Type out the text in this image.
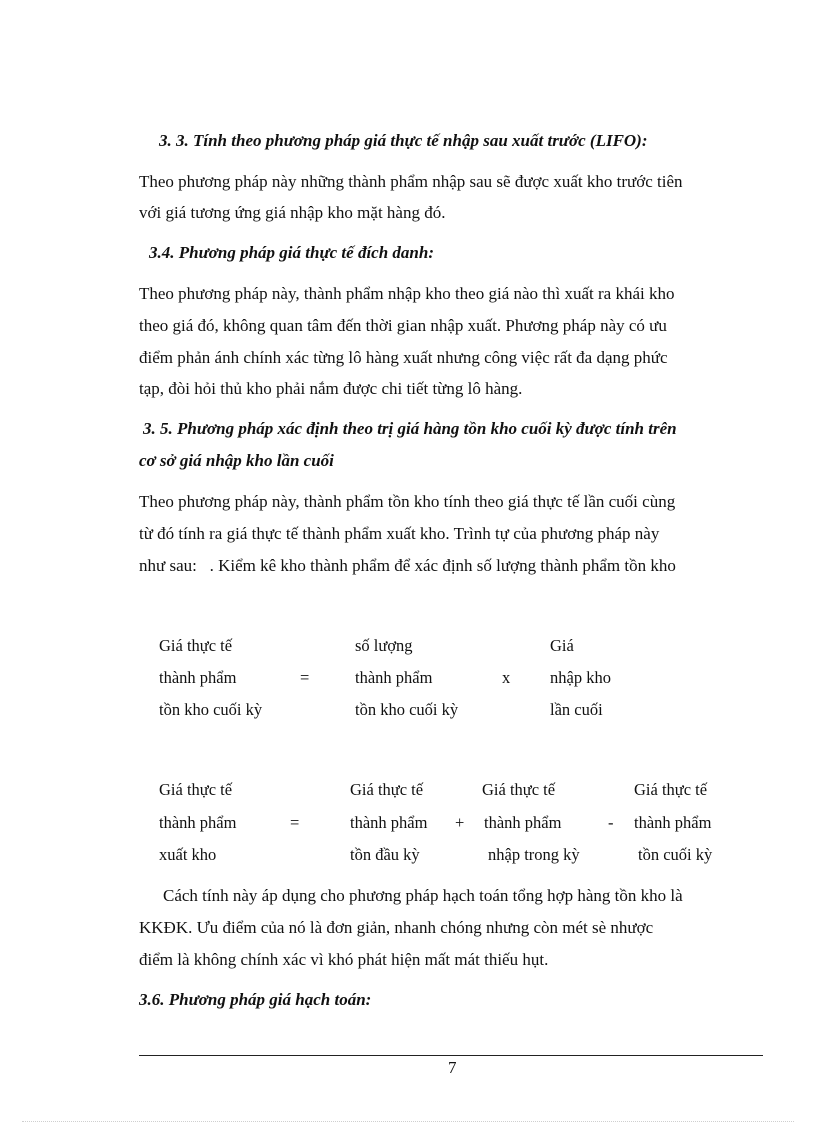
3. 3. Tính theo phương pháp giá thực tế nhập sau xuất trước (LIFO):
Theo phương pháp này những thành phẩm nhập sau sẽ được xuất kho trước tiên
với giá tương ứng giá nhập kho mặt hàng đó.
3.4. Phương pháp giá thực tế đích danh:
Theo phương pháp này, thành phẩm nhập kho theo giá nào thì xuất ra khái kho
theo giá đó, không quan tâm đến thời gian nhập xuất. Phương pháp này có ưu
điểm phản ánh chính xác từng lô hàng xuất nhưng công việc rất đa dạng phức
tạp, đòi hỏi thủ kho phải nắm được chi tiết từng lô hàng.
3. 5. Phương pháp xác định theo trị giá hàng tồn kho cuối kỳ được tính trên
cơ sở giá nhập kho lần cuối
Theo phương pháp này, thành phẩm tồn kho tính theo giá thực tế lần cuối cùng
từ đó tính ra giá thực tế thành phẩm xuất kho. Trình tự của phương pháp này
như sau:   . Kiểm kê kho thành phẩm để xác định số lượng thành phẩm tồn kho
Giá thực tế
thành phẩm
tồn kho cuối kỳ
=
số lượng
thành phẩm
tồn kho cuối kỳ
x
Giá
nhập kho
lần cuối
Giá thực tế
thành phẩm
xuất kho
=
Giá thực tế
thành phẩm
tồn đầu kỳ
+
Giá thực tế
thành phẩm
nhập trong kỳ
-
Giá thực tế
thành phẩm
tồn cuối kỳ
Cách tính này áp dụng cho phương pháp hạch toán tổng hợp hàng tồn kho là
KKĐK. Ưu điểm của nó là đơn giản, nhanh chóng nhưng còn mét sè nhược
điểm là không chính xác vì khó phát hiện mất mát thiếu hụt.
3.6. Phương pháp giá hạch toán:
7
